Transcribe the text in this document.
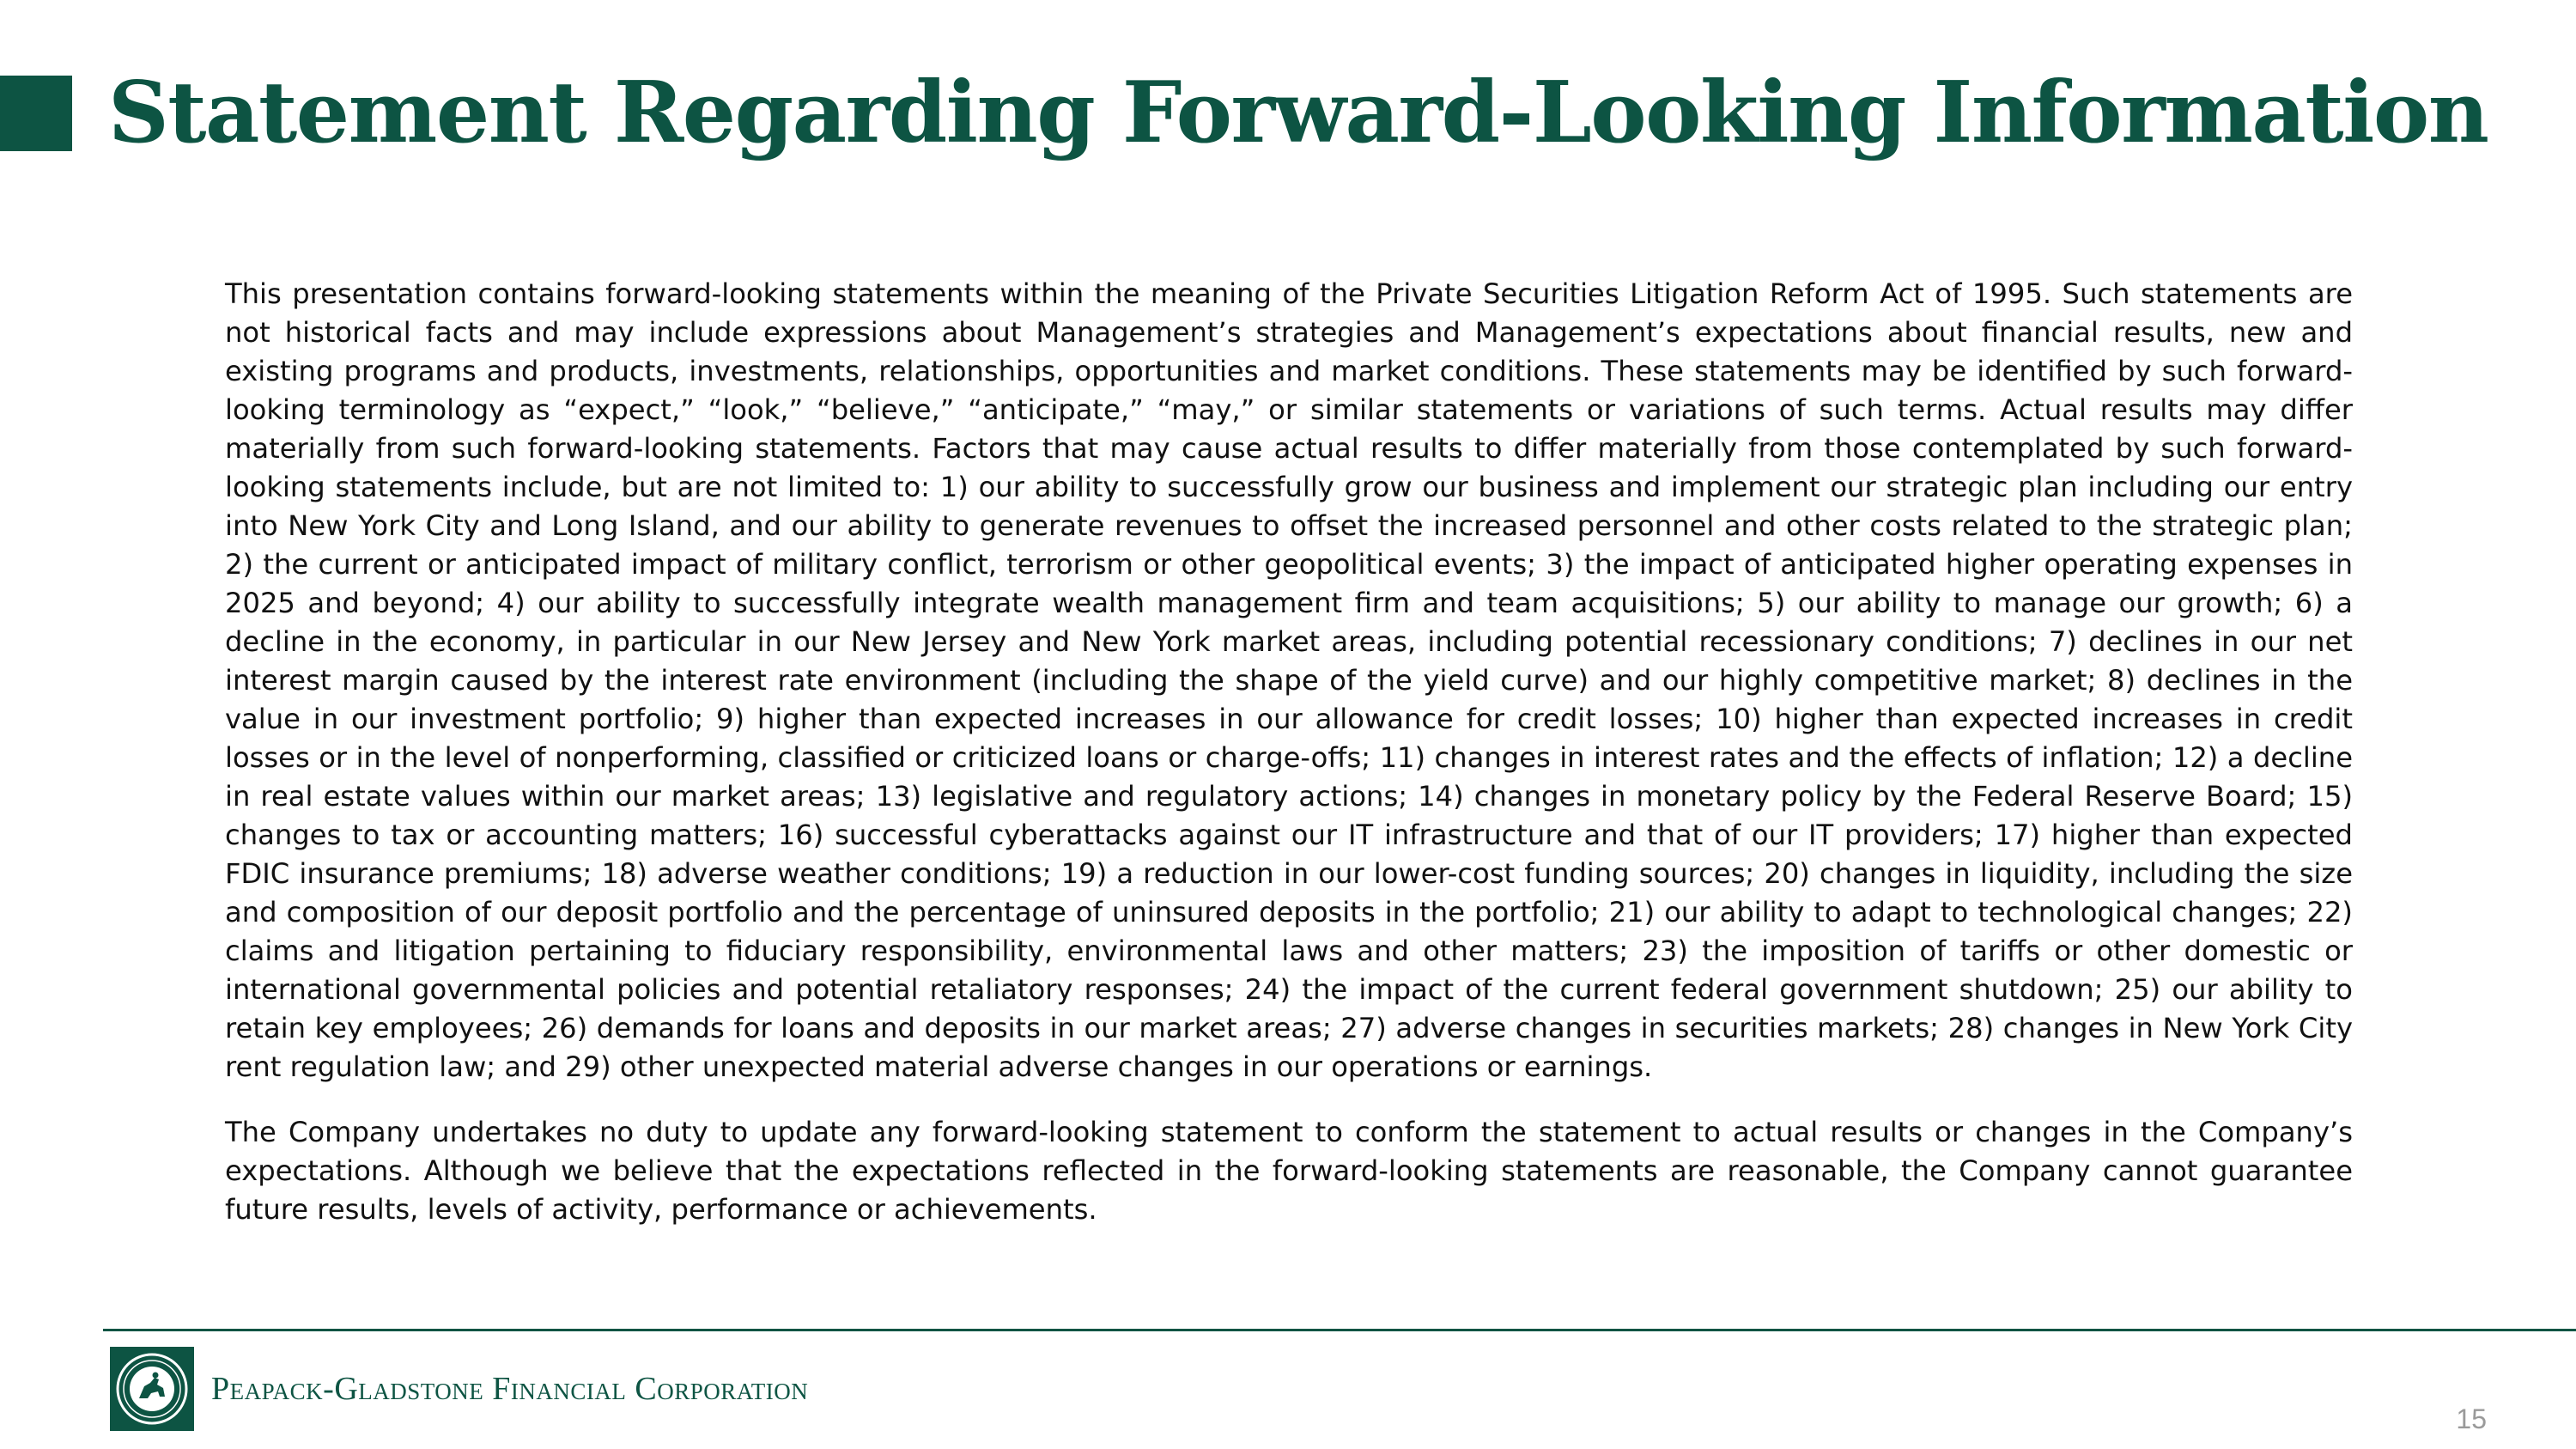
Statement Regarding Forward-Looking Information

This presentation contains forward-looking statements within the meaning of the Private Securities Litigation Reform Act of 1995. Such statements are not historical facts and may include expressions about Management’s strategies and Management’s expectations about financial results, new and existing programs and products, investments, relationships, opportunities and market conditions. These statements may be identified by such forward-looking terminology as “expect,” “look,” “believe,” “anticipate,” “may,” or similar statements or variations of such terms. Actual results may differ materially from such forward-looking statements. Factors that may cause actual results to differ materially from those contemplated by such forward-looking statements include, but are not limited to: 1) our ability to successfully grow our business and implement our strategic plan including our entry into New York City and Long Island, and our ability to generate revenues to offset the increased personnel and other costs related to the strategic plan; 2) the current or anticipated impact of military conflict, terrorism or other geopolitical events; 3) the impact of anticipated higher operating expenses in 2025 and beyond; 4) our ability to successfully integrate wealth management firm and team acquisitions; 5) our ability to manage our growth; 6) a decline in the economy, in particular in our New Jersey and New York market areas, including potential recessionary conditions; 7) declines in our net interest margin caused by the interest rate environment (including the shape of the yield curve) and our highly competitive market; 8) declines in the value in our investment portfolio; 9) higher than expected increases in our allowance for credit losses; 10) higher than expected increases in credit losses or in the level of nonperforming, classified or criticized loans or charge-offs; 11) changes in interest rates and the effects of inflation; 12) a decline in real estate values within our market areas; 13) legislative and regulatory actions; 14) changes in monetary policy by the Federal Reserve Board; 15) changes to tax or accounting matters; 16) successful cyberattacks against our IT infrastructure and that of our IT providers; 17) higher than expected FDIC insurance premiums; 18) adverse weather conditions; 19) a reduction in our lower-cost funding sources; 20) changes in liquidity, including the size and composition of our deposit portfolio and the percentage of uninsured deposits in the portfolio; 21) our ability to adapt to technological changes; 22) claims and litigation pertaining to fiduciary responsibility, environmental laws and other matters; 23) the imposition of tariffs or other domestic or international governmental policies and potential retaliatory responses; 24) the impact of the current federal government shutdown; 25) our ability to retain key employees; 26) demands for loans and deposits in our market areas; 27) adverse changes in securities markets; 28) changes in New York City rent regulation law; and 29) other unexpected material adverse changes in our operations or earnings.

The Company undertakes no duty to update any forward-looking statement to conform the statement to actual results or changes in the Company’s expectations. Although we believe that the expectations reflected in the forward-looking statements are reasonable, the Company cannot guarantee future results, levels of activity, performance or achievements.

Peapack-Gladstone Financial Corporation
15
